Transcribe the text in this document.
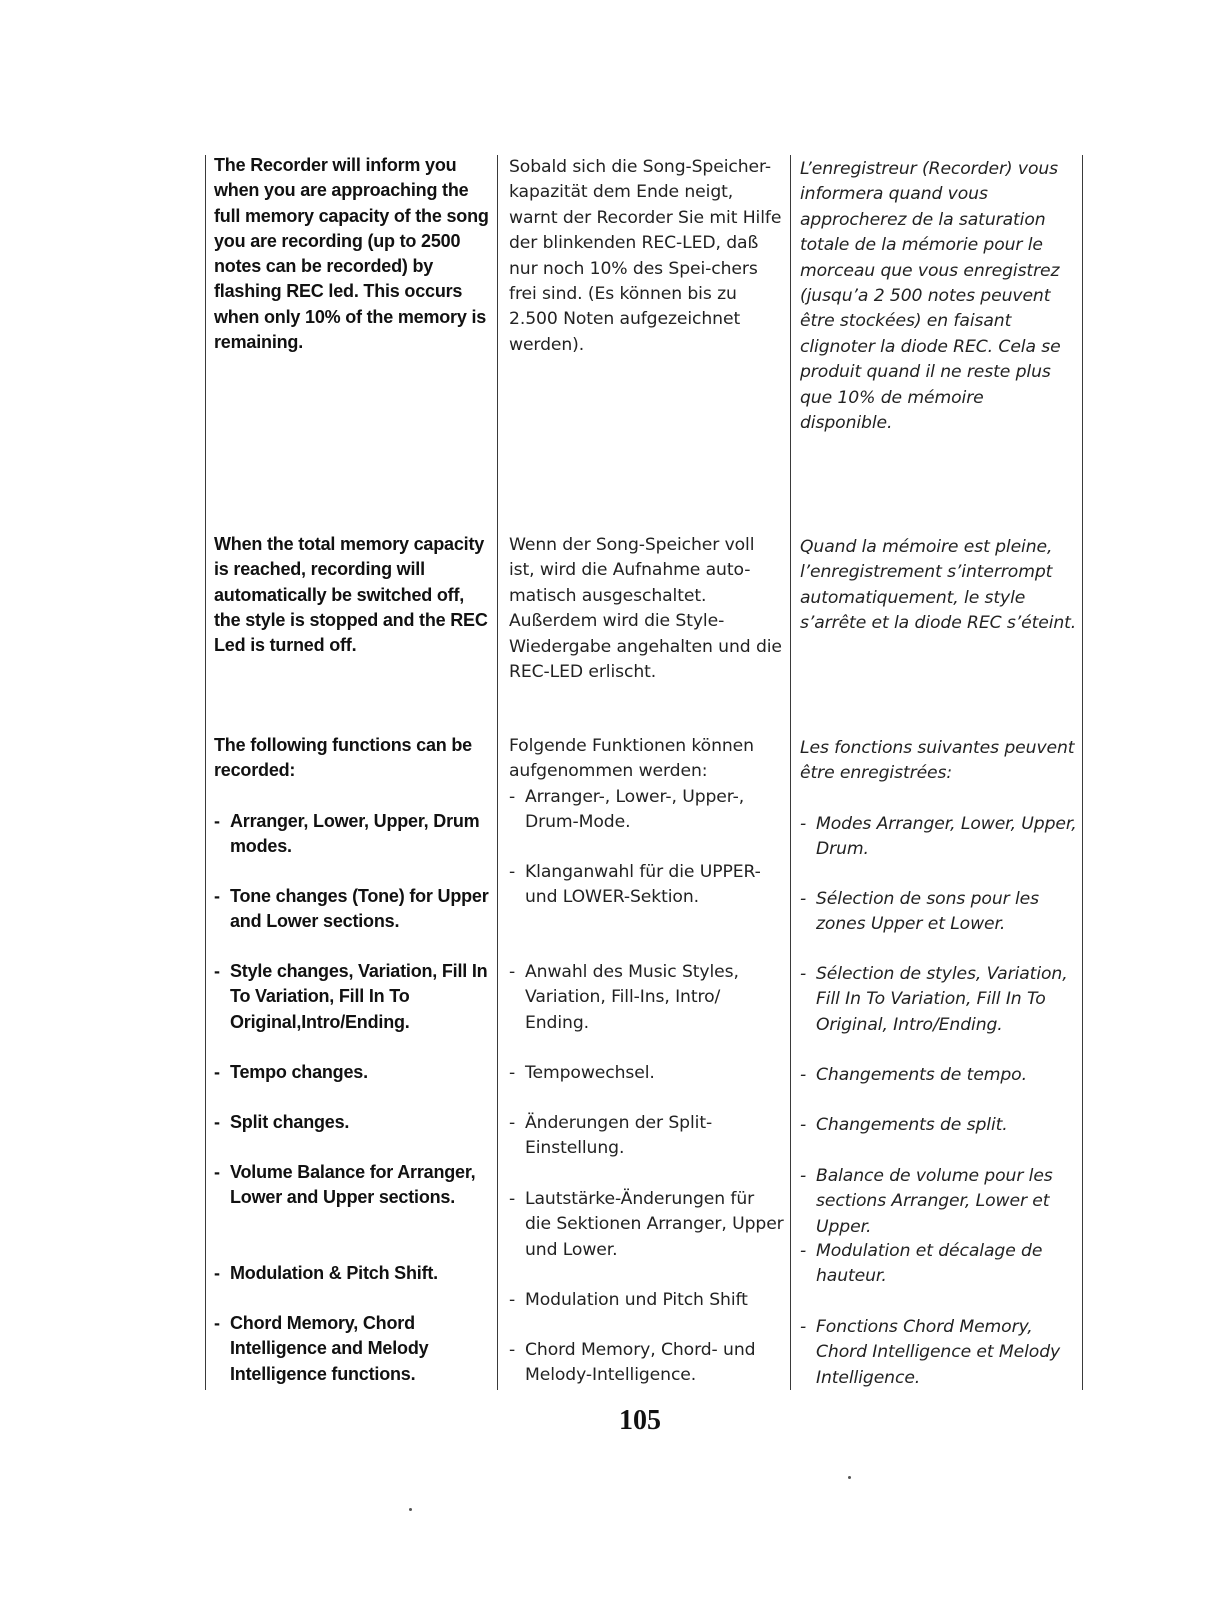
The Recorder will inform you when you are approaching the full memory capacity of the song you are recording (up to 2500 notes can be recorded) by flashing REC led. This occurs when only 10% of the memory is remaining.

When the total memory capacity is reached, recording will automatically be switched off, the style is stopped and the REC Led is turned off.

The following functions can be recorded:

- Arranger, Lower, Upper, Drum modes.

- Tone changes (Tone) for Upper and Lower sections.

- Style changes, Variation, Fill In To Variation, Fill In To Original,Intro/Ending.

- Tempo changes.

- Split changes.

- Volume Balance for Arranger, Lower and Upper sections.

- Modulation & Pitch Shift.

- Chord Memory, Chord Intelligence and Melody Intelligence functions.

Sobald sich die Song-Speicher-kapazität dem Ende neigt, warnt der Recorder Sie mit Hilfe der blinkenden REC-LED, daß nur noch 10% des Spei-chers frei sind. (Es können bis zu 2.500 Noten aufgezeichnet werden).

Wenn der Song-Speicher voll ist, wird die Aufnahme auto-matisch ausgeschaltet. Außerdem wird die Style-Wiedergabe angehalten und die REC-LED erlischt.

Folgende Funktionen können aufgenommen werden:

- Arranger-, Lower-, Upper-, Drum-Mode.

- Klanganwahl für die UPPER- und LOWER-Sektion.

- Anwahl des Music Styles, Variation, Fill-Ins, Intro/ Ending.

- Tempowechsel.

- Änderungen der Split-Einstellung.

- Lautstärke-Änderungen für die Sektionen Arranger, Upper und Lower.

- Modulation und Pitch Shift

- Chord Memory, Chord- und Melody-Intelligence.

L’enregistreur (Recorder) vous informera quand vous approcherez de la saturation totale de la mémorie pour le morceau que vous enregistrez (jusqu’a 2 500 notes peuvent être stockées) en faisant clignoter la diode REC. Cela se produit quand il ne reste plus que 10% de mémoire disponible.

Quand la mémoire est pleine, l’enregistrement s’interrompt automatiquement, le style s’arrête et la diode REC s’éteint.

Les fonctions suivantes peuvent être enregistrées:

- Modes Arranger, Lower, Upper, Drum.

- Sélection de sons pour les zones Upper et Lower.

- Sélection de styles, Variation, Fill In To Variation, Fill In To Original, Intro/Ending.

- Changements de tempo.

- Changements de split.

- Balance de volume pour les sections Arranger, Lower et Upper.

- Modulation et décalage de hauteur.

- Fonctions Chord Memory, Chord Intelligence et Melody Intelligence.

105
